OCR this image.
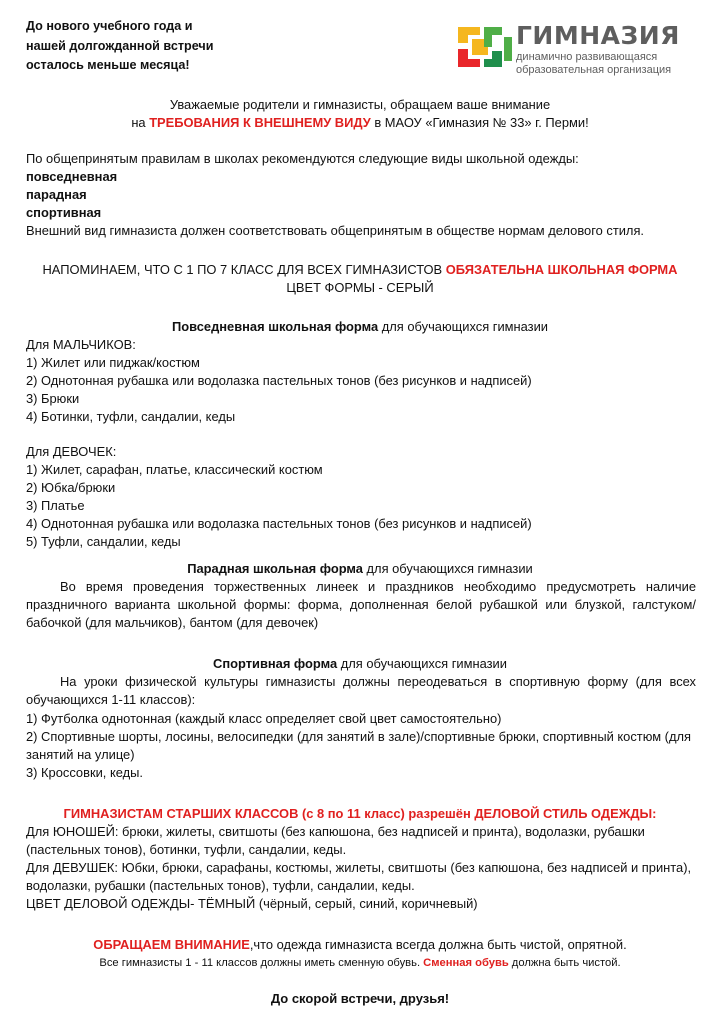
До нового учебного года и
нашей долгожданной встречи
осталось меньше месяца!
ГИМНАЗИЯ
динамично развивающаяся
образовательная организация
Уважаемые родители и гимназисты, обращаем ваше внимание
на ТРЕБОВАНИЯ К ВНЕШНЕМУ ВИДУ в МАОУ «Гимназия № 33» г. Перми!
По общепринятым правилам в школах рекомендуются следующие виды школьной одежды:
повседневная
парадная
спортивная
Внешний вид гимназиста должен соответствовать общепринятым в обществе нормам делового стиля.
НАПОМИНАЕМ, ЧТО С 1 ПО 7 КЛАСС ДЛЯ ВСЕХ ГИМНАЗИСТОВ ОБЯЗАТЕЛЬНА ШКОЛЬНАЯ ФОРМА
ЦВЕТ ФОРМЫ - СЕРЫЙ
Повседневная школьная форма для обучающихся гимназии
Для МАЛЬЧИКОВ:
1) Жилет или пиджак/костюм
2) Однотонная рубашка или водолазка пастельных тонов (без рисунков и надписей)
3) Брюки
4) Ботинки, туфли, сандалии, кеды
Для ДЕВОЧЕК:
1) Жилет, сарафан, платье, классический костюм
2) Юбка/брюки
3) Платье
4) Однотонная рубашка или водолазка пастельных тонов (без рисунков и надписей)
5) Туфли, сандалии, кеды
Парадная школьная форма для обучающихся гимназии
Во время проведения торжественных линеек и праздников необходимо предусмотреть наличие праздничного варианта школьной формы: форма, дополненная белой рубашкой или блузкой, галстуком/бабочкой (для мальчиков), бантом (для девочек)
Спортивная форма для обучающихся гимназии
На уроки физической культуры гимназисты должны переодеваться в спортивную форму (для всех обучающихся 1-11 классов):
1) Футболка однотонная (каждый класс определяет свой цвет самостоятельно)
2) Спортивные шорты, лосины, велосипедки (для занятий в зале)/спортивные брюки, спортивный костюм (для занятий на улице)
3) Кроссовки, кеды.
ГИМНАЗИСТАМ СТАРШИХ КЛАССОВ (с 8 по 11 класс) разрешён ДЕЛОВОЙ СТИЛЬ ОДЕЖДЫ:
Для ЮНОШЕЙ: брюки, жилеты, свитшоты (без капюшона, без надписей и принта), водолазки, рубашки (пастельных тонов), ботинки, туфли, сандалии, кеды.
Для ДЕВУШЕК: Юбки, брюки, сарафаны, костюмы, жилеты, свитшоты (без капюшона, без надписей и принта), водолазки, рубашки (пастельных тонов), туфли, сандалии, кеды.
ЦВЕТ ДЕЛОВОЙ ОДЕЖДЫ- ТЁМНЫЙ (чёрный, серый, синий, коричневый)
ОБРАЩАЕМ ВНИМАНИЕ,что одежда гимназиста всегда должна быть чистой, опрятной.
Все гимназисты 1 - 11 классов должны иметь сменную обувь. Сменная обувь должна быть чистой.
До скорой встречи, друзья!
